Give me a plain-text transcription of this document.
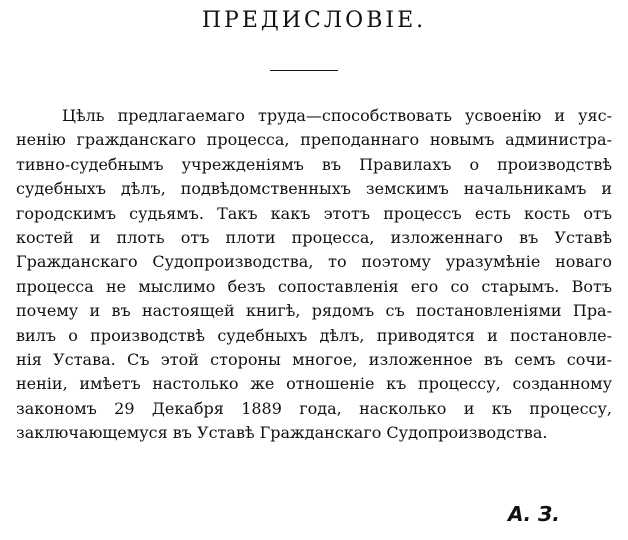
ПРЕДИСЛОВIЕ.
Цѣль предлагаемаго труда—способствовать усвоенiю и уяс-
ненiю гражданскаго процесса, преподаннаго новымъ админиcтра-
тивно-судебнымъ учрежденiямъ въ Правилахъ о производствѣ
судебныхъ дѣлъ, подвѣдомственныхъ земскимъ начальникамъ и
городскимъ судьямъ. Такъ какъ этотъ процессъ есть кость отъ
костей и плоть отъ плоти процесса, изложеннаго въ Уставѣ
Гражданскаго Судопроизводства, то поэтому уразумѣнiе новаго
процесса не мыслимо безъ сопоставленiя его со старымъ. Вотъ
почему и въ настоящей книгѣ, рядомъ съ постановленiями Пра-
вилъ о производствѣ судебныхъ дѣлъ, приводятся и постановле-
нiя Устава. Съ этой стороны многое, изложенное въ семъ сочи-
ненiи, имѣетъ настолько же отношенiе къ процессу, созданному
закономъ 29 Декабря 1889 года, насколько и къ процессу,
заключающемуся въ Уставѣ Гражданскаго Судопроизводства.
А. З.
